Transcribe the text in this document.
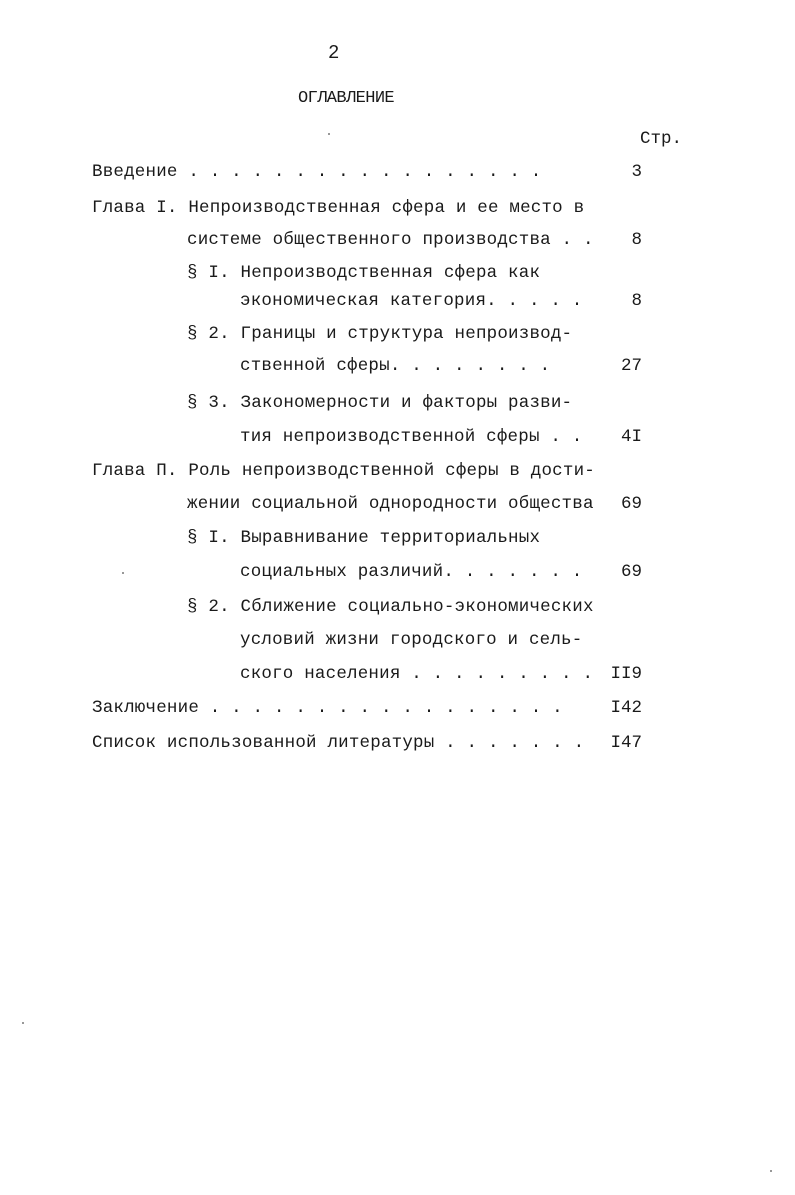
2
ОГЛАВЛЕНИЕ
Стр.
Введение . . . . . . . . . . . . . . . . .	3
Глава I. Непроизводственная сфера и ее место в
системе общественного производства . .	8
§ I. Непроизводственная сфера как
экономическая категория. . . . .	8
§ 2. Границы и структура непроизвод-
ственной сферы. . . . . . . .	27
§ 3. Закономерности и факторы разви-
тия непроизводственной сферы . .	4I
Глава П. Роль непроизводственной сферы в дости-
жении социальной однородности общества	69
§ I. Выравнивание территориальных
социальных различий. . . . . . .	69
§ 2. Сближение социально-экономических
условий жизни городского и сель-
ского населения . . . . . . . . . II9
Заключение . . . . . . . . . . . . . . . . .	I42
Список использованной литературы . . . . . . .	I47
